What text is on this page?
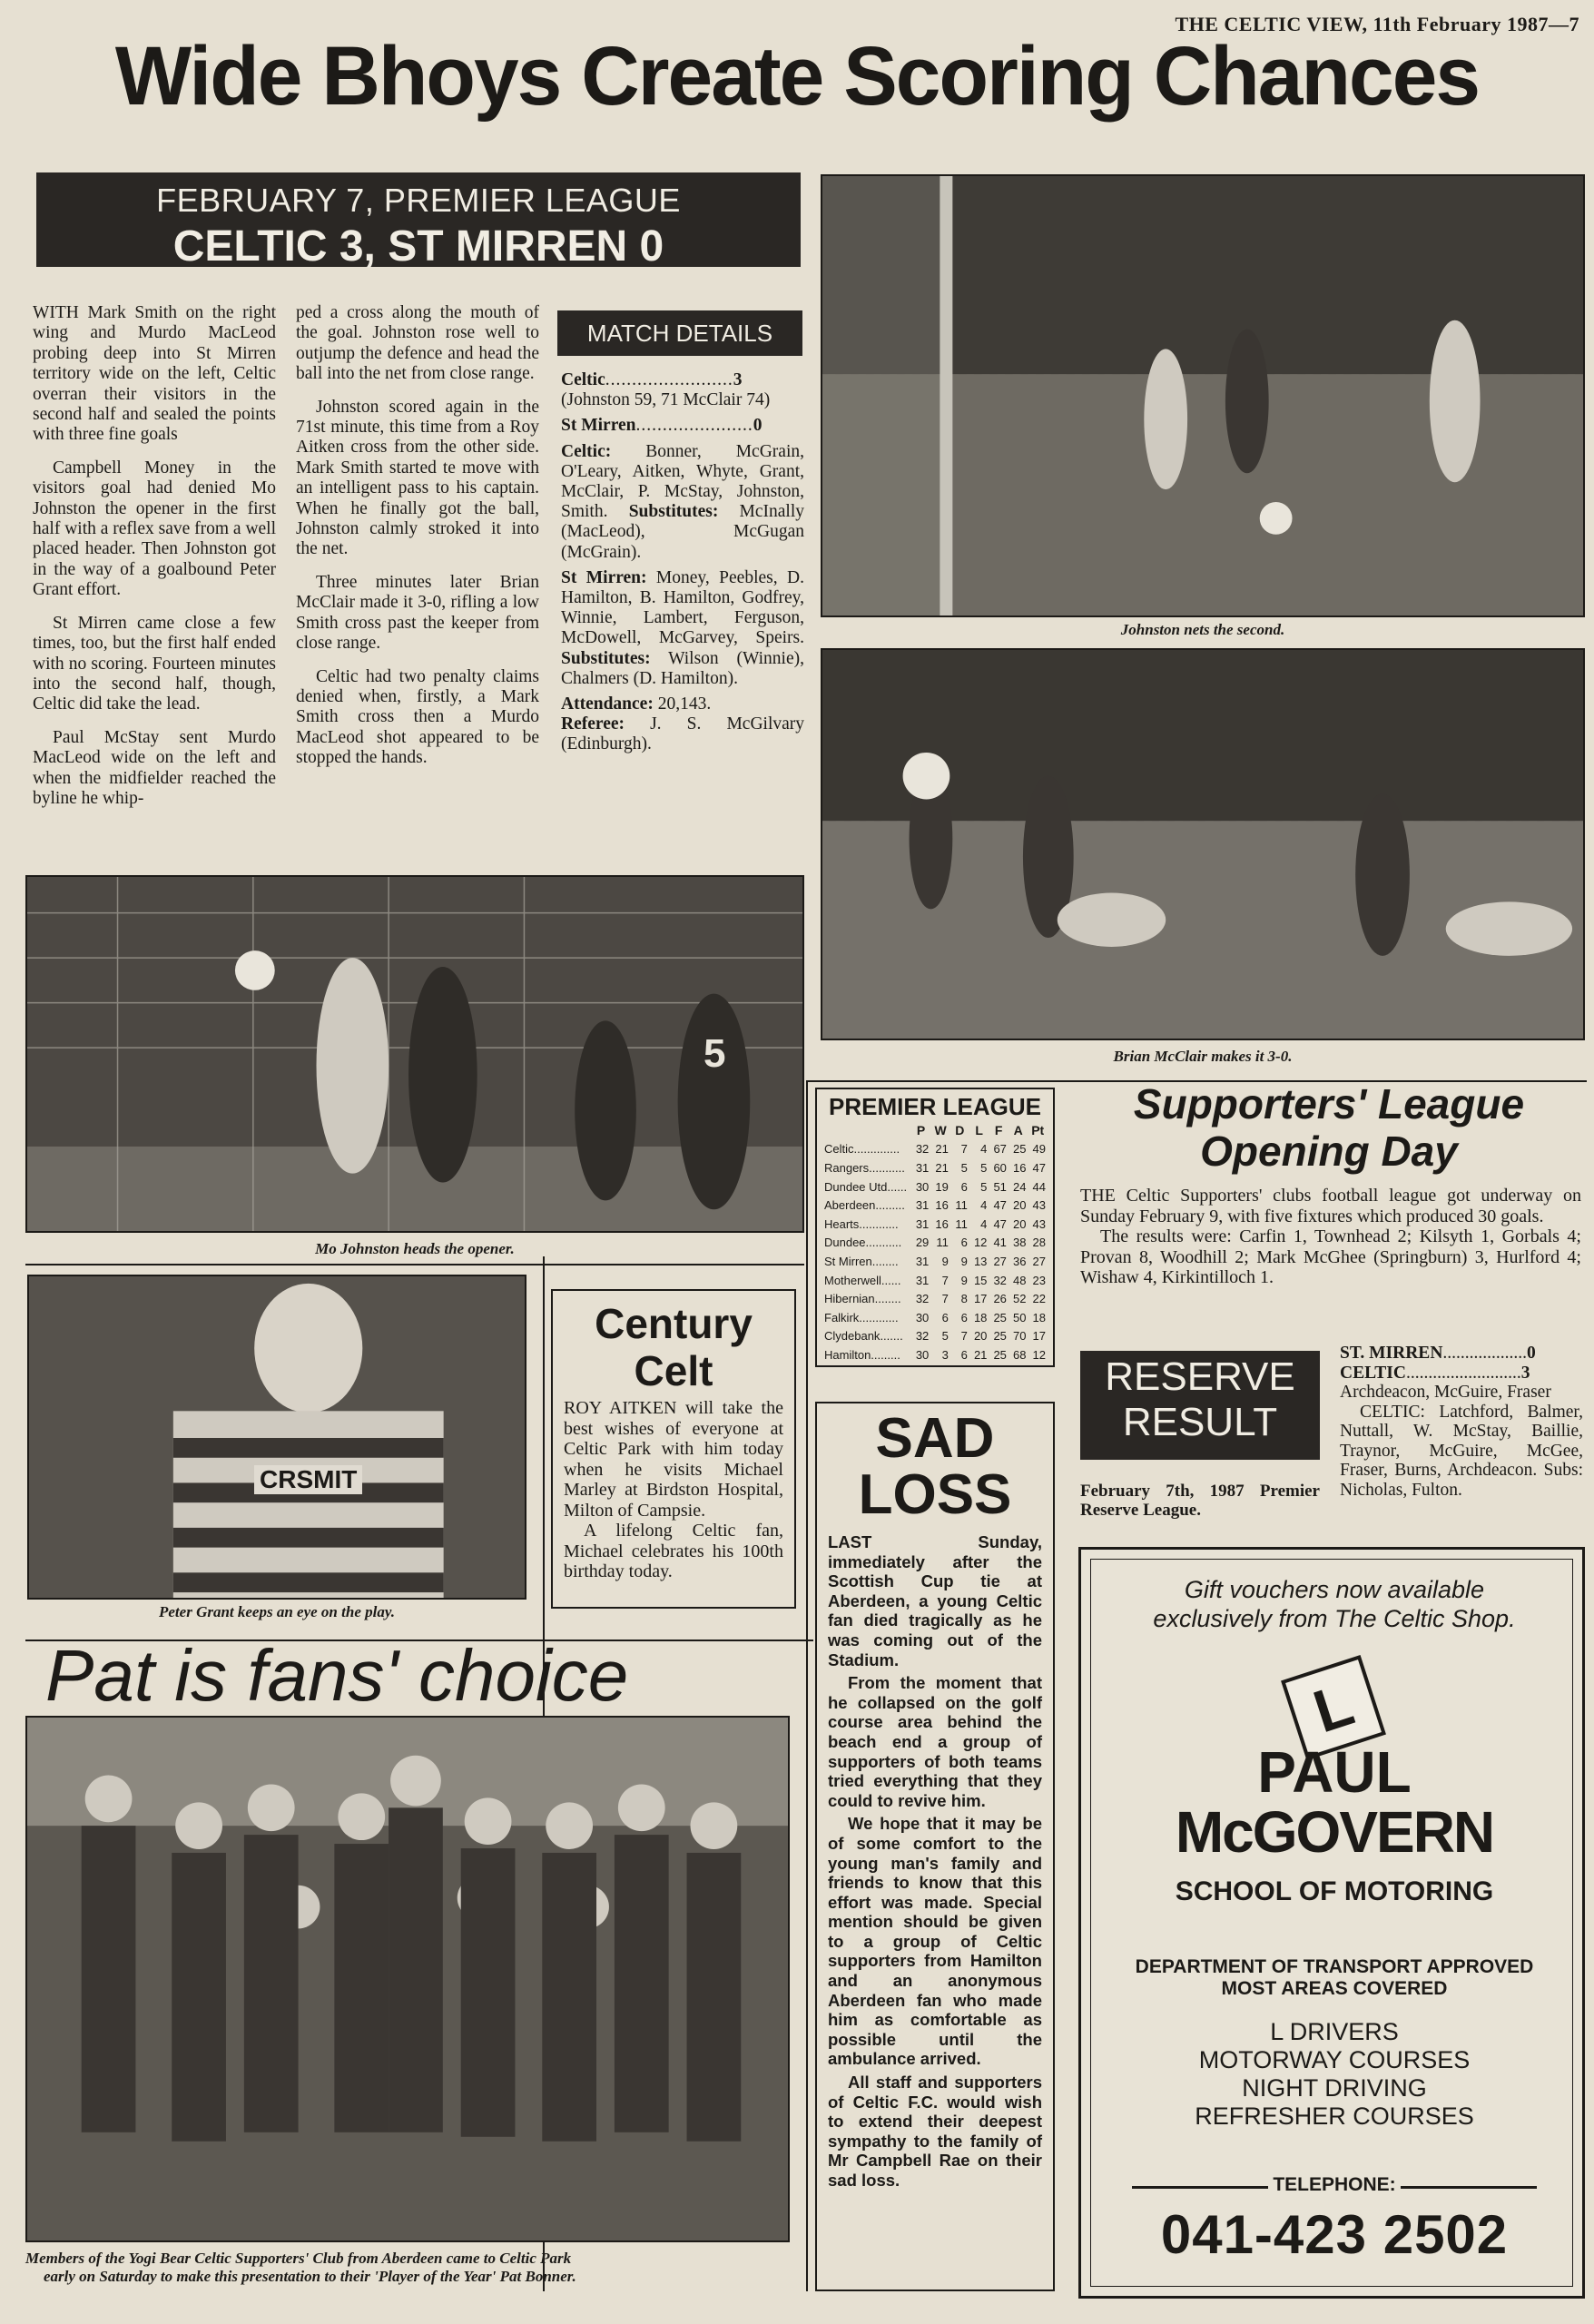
THE CELTIC VIEW, 11th February 1987—7
Wide Bhoys Create Scoring Chances
FEBRUARY 7, PREMIER LEAGUE
CELTIC 3, ST MIRREN 0

WITH Mark Smith on the right wing and Murdo MacLeod probing deep into St Mirren territory wide on the left, Celtic overran their visitors in the second half and sealed the points with three fine goals

Campbell Money in the visitors goal had denied Mo Johnston the opener in the first half with a reflex save from a well placed header. Then Johnston got in the way of a goalbound Peter Grant effort.

St Mirren came close a few times, too, but the first half ended with no scoring. Fourteen minutes into the second half, though, Celtic did take the lead.

Paul McStay sent Murdo MacLeod wide on the left and when the midfielder reached the byline he whip-

ped a cross along the mouth of the goal. Johnston rose well to outjump the defence and head the ball into the net from close range.

Johnston scored again in the 71st minute, this time from a Roy Aitken cross from the other side. Mark Smith started te move with an intelligent pass to his captain. When he finally got the ball, Johnston calmly stroked it into the net.

Three minutes later Brian McClair made it 3-0, rifling a low Smith cross past the keeper from close range.

Celtic had two penalty claims denied when, firstly, a Mark Smith cross then a Murdo MacLeod shot appeared to be stopped the hands.

MATCH DETAILS
Celtic........................3
(Johnston 59, 71 McClair 74)
St Mirren......................0
Celtic: Bonner, McGrain, O'Leary, Aitken, Whyte, Grant, McClair, P. McStay, Johnston, Smith. Substitutes: McInally (MacLeod), McGugan (McGrain).
St Mirren: Money, Peebles, D. Hamilton, B. Hamilton, Godfrey, Winnie, Lambert, Ferguson, McDowell, McGarvey, Speirs. Substitutes: Wilson (Winnie), Chalmers (D. Hamilton).
Attendance: 20,143.
Referee: J. S. McGilvary (Edinburgh).
Johnston nets the second.
Brian McClair makes it 3-0.
5
Mo Johnston heads the opener.
CRSMIT
Peter Grant keeps an eye on the play.
Century
Celt

ROY AITKEN will take the best wishes of everyone at Celtic Park with him today when he visits Michael Marley at Birdston Hospital, Milton of Campsie.

A lifelong Celtic fan, Michael celebrates his 100th birthday today.

PREMIER LEAGUE
	P	W	D	L	F	A	Pt
Celtic..............	32	21	7	4	67	25	49
Rangers...........	31	21	5	5	60	16	47
Dundee Utd......	30	19	6	5	51	24	44
Aberdeen.........	31	16	11	4	47	20	43
Hearts............	31	16	11	4	47	20	43
Dundee...........	29	11	6	12	41	38	28
St Mirren........	31	9	9	13	27	36	27
Motherwell......	31	7	9	15	32	48	23
Hibernian........	32	7	8	17	26	52	22
Falkirk............	30	6	6	18	25	50	18
Clydebank.......	32	5	7	20	25	70	17
Hamilton.........	30	3	6	21	25	68	12
Supporters' League
Opening Day

THE Celtic Supporters' clubs football league got underway on Sunday February 9, with five fixtures which produced 30 goals.

The results were: Carfin 1, Townhead 2; Kilsyth 1, Gorbals 4; Provan 8, Woodhill 2; Mark McGhee (Springburn) 3, Hurlford 4; Wishaw 4, Kirkintilloch 1.

SAD
LOSS

LAST Sunday, immediately after the Scottish Cup tie at Aberdeen, a young Celtic fan died tragically as he was coming out of the Stadium.

From the moment that he collapsed on the golf course area behind the beach end a group of supporters of both teams tried everything that they could to revive him.

We hope that it may be of some comfort to the young man's family and friends to know that this effort was made. Special mention should be given to a group of Celtic supporters from Hamilton and an anonymous Aberdeen fan who made him as comfortable as possible until the ambulance arrived.

All staff and supporters of Celtic F.C. would wish to extend their deepest sympathy to the family of Mr Campbell Rae on their sad loss.

RESERVE
RESULT
February 7th, 1987 Premier Reserve League.
ST. MIRREN...................0
CELTIC..........................3
Archdeacon, McGuire, Fraser
CELTIC: Latchford, Balmer, Nuttall, W. McStay, Baillie, Traynor, McGuire, McGee, Fraser, Burns, Archdeacon. Subs: Nicholas, Fulton.
Pat is fans' choice
Members of the Yogi Bear Celtic Supporters' Club from Aberdeen came to Celtic Park
early on Saturday to make this presentation to their 'Player of the Year' Pat Bonner.
Gift vouchers now available
exclusively from The Celtic Shop.
L
PAUL
McGOVERN
SCHOOL OF MOTORING
DEPARTMENT OF TRANSPORT APPROVED
MOST AREAS COVERED
L DRIVERS
MOTORWAY COURSES
NIGHT DRIVING
REFRESHER COURSES
TELEPHONE:
041-423 2502
